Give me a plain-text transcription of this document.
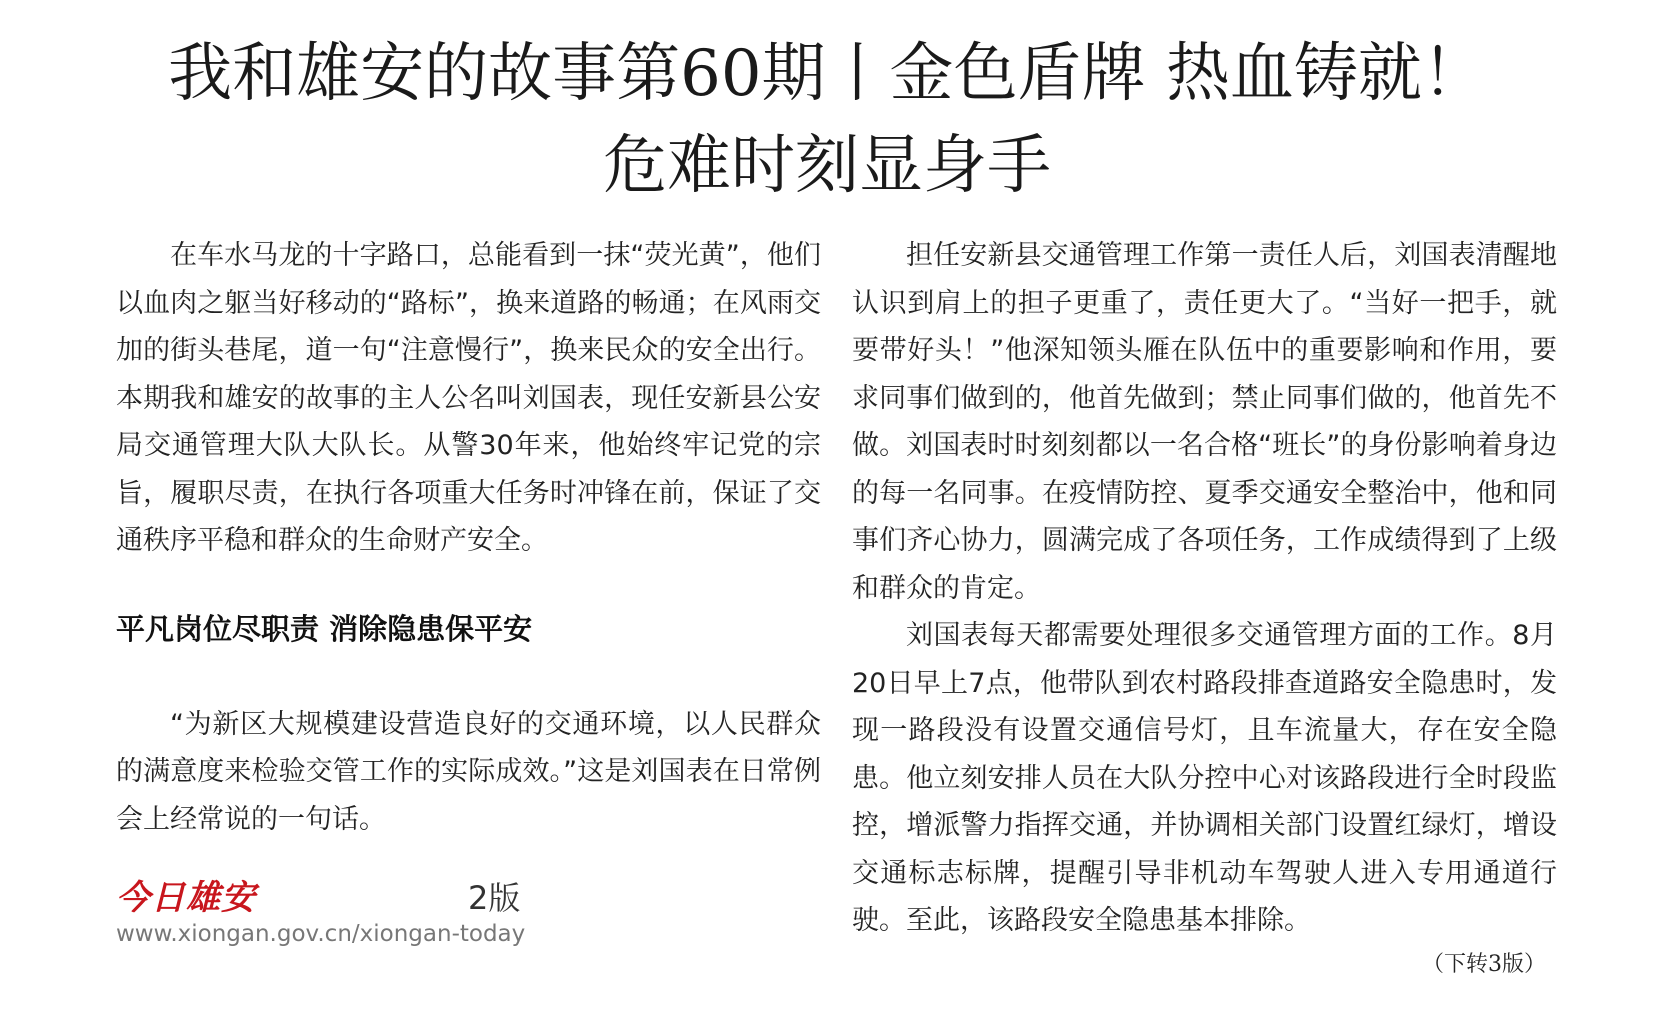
我和雄安的故事第60期丨金色盾牌 热血铸就！
危难时刻显身手

在车水马龙的十字路口，总能看到一抹“荧光黄”，他们以血肉之躯当好移动的“路标”，换来道路的畅通；在风雨交加的街头巷尾，道一句“注意慢行”，换来民众的安全出行。本期我和雄安的故事的主人公名叫刘国表，现任安新县公安局交通管理大队大队长。从警30年来，他始终牢记党的宗旨，履职尽责，在执行各项重大任务时冲锋在前，保证了交通秩序平稳和群众的生命财产安全。

平凡岗位尽职责 消除隐患保平安

“为新区大规模建设营造良好的交通环境，以人民群众的满意度来检验交管工作的实际成效。”这是刘国表在日常例会上经常说的一句话。

担任安新县交通管理工作第一责任人后，刘国表清醒地认识到肩上的担子更重了，责任更大了。“当好一把手，就要带好头！”他深知领头雁在队伍中的重要影响和作用，要求同事们做到的，他首先做到；禁止同事们做的，他首先不做。刘国表时时刻刻都以一名合格“班长”的身份影响着身边的每一名同事。在疫情防控、夏季交通安全整治中，他和同事们齐心协力，圆满完成了各项任务，工作成绩得到了上级和群众的肯定。

刘国表每天都需要处理很多交通管理方面的工作。8月20日早上7点，他带队到农村路段排查道路安全隐患时，发现一路段没有设置交通信号灯，且车流量大，存在安全隐患。他立刻安排人员在大队分控中心对该路段进行全时段监控，增派警力指挥交通，并协调相关部门设置红绿灯，增设交通标志标牌，提醒引导非机动车驾驶人进入专用通道行驶。至此，该路段安全隐患基本排除。

（下转3版）
今日雄安	2版
www.xiongan.gov.cn/xiongan-today
